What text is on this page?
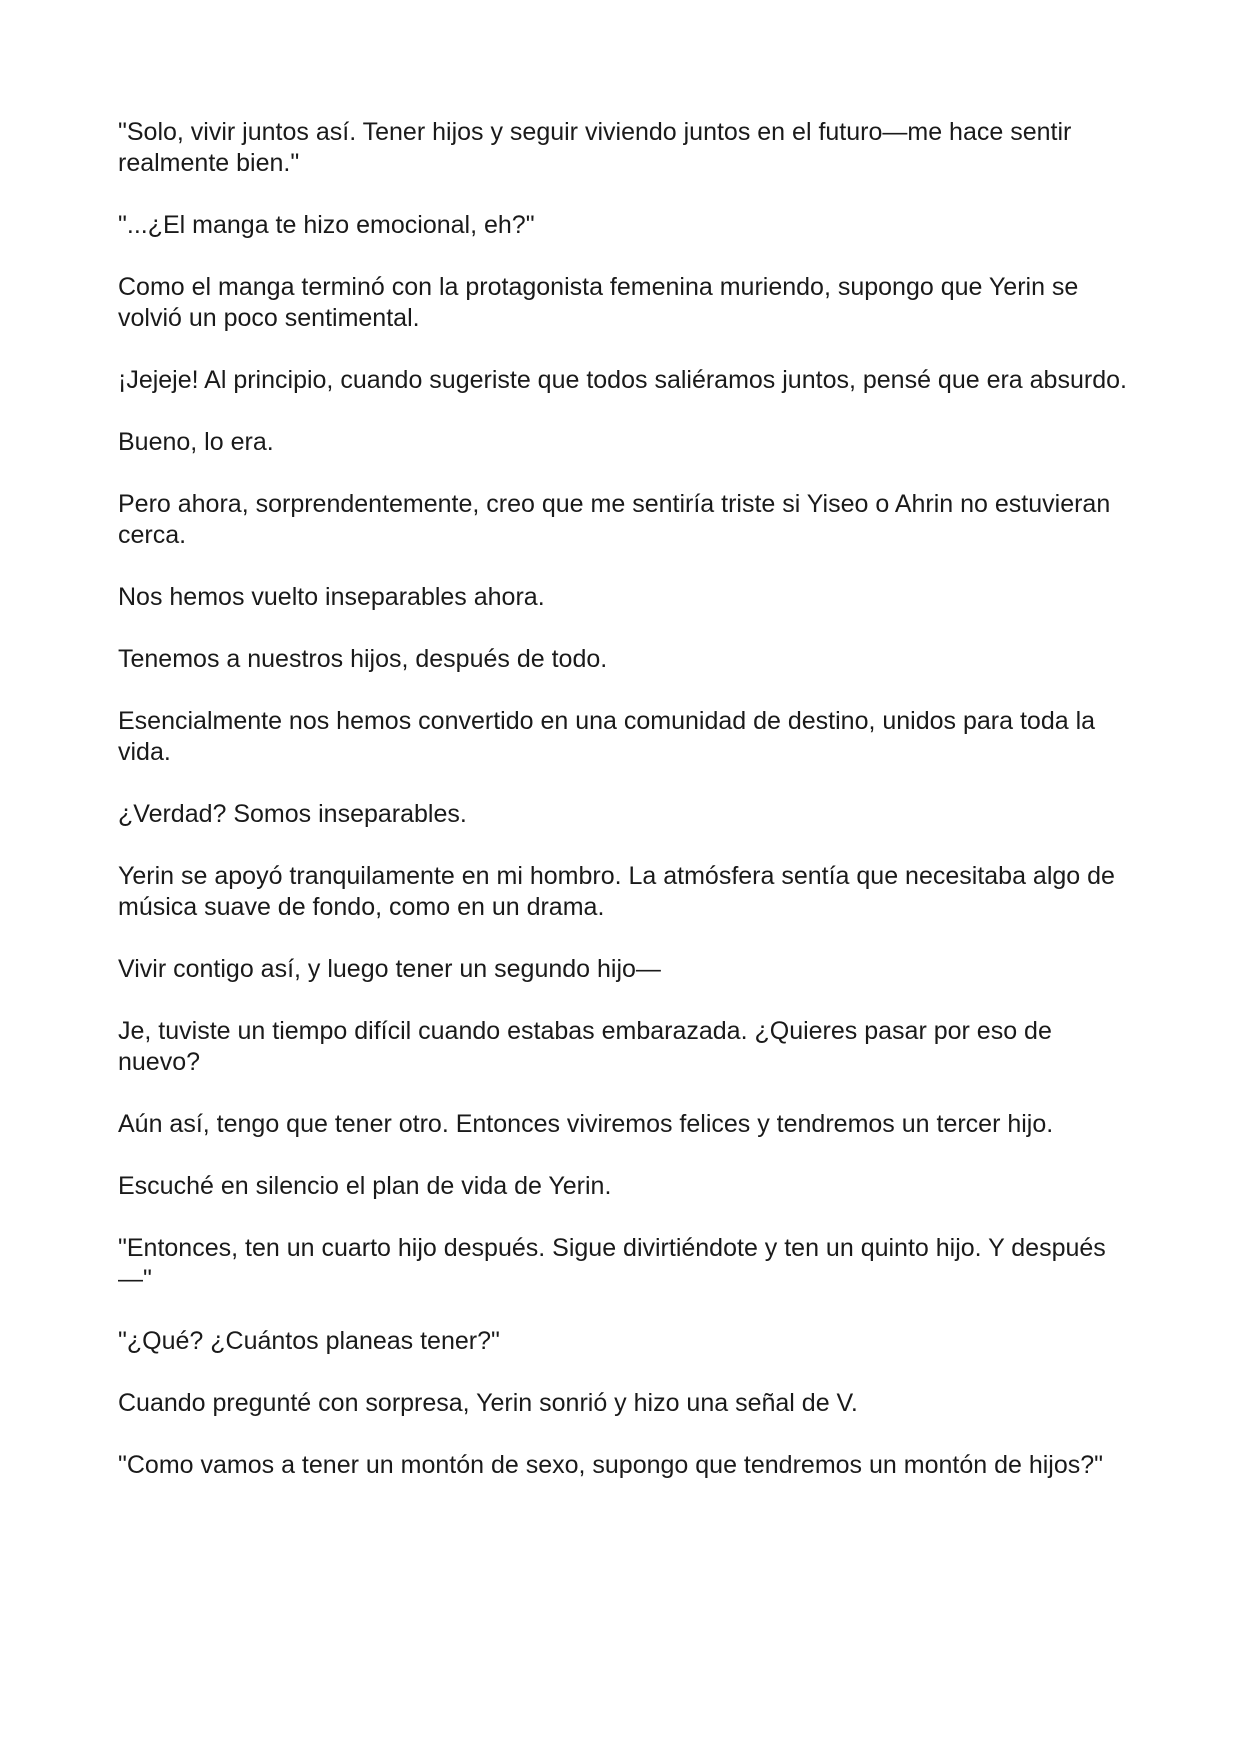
"Solo, vivir juntos así. Tener hijos y seguir viviendo juntos en el futuro—me hace sentir realmente bien."

"...¿El manga te hizo emocional, eh?"

Como el manga terminó con la protagonista femenina muriendo, supongo que Yerin se volvió un poco sentimental.

¡Jejeje! Al principio, cuando sugeriste que todos saliéramos juntos, pensé que era absurdo.

Bueno, lo era.

Pero ahora, sorprendentemente, creo que me sentiría triste si Yiseo o Ahrin no estuvieran cerca.

Nos hemos vuelto inseparables ahora.

Tenemos a nuestros hijos, después de todo.

Esencialmente nos hemos convertido en una comunidad de destino, unidos para toda la vida.

¿Verdad? Somos inseparables.

Yerin se apoyó tranquilamente en mi hombro. La atmósfera sentía que necesitaba algo de música suave de fondo, como en un drama.

Vivir contigo así, y luego tener un segundo hijo—

Je, tuviste un tiempo difícil cuando estabas embarazada. ¿Quieres pasar por eso de nuevo?

Aún así, tengo que tener otro. Entonces viviremos felices y tendremos un tercer hijo.

Escuché en silencio el plan de vida de Yerin.

"Entonces, ten un cuarto hijo después. Sigue divirtiéndote y ten un quinto hijo. Y después—"

"¿Qué? ¿Cuántos planeas tener?"

Cuando pregunté con sorpresa, Yerin sonrió y hizo una señal de V.

"Como vamos a tener un montón de sexo, supongo que tendremos un montón de hijos?"
